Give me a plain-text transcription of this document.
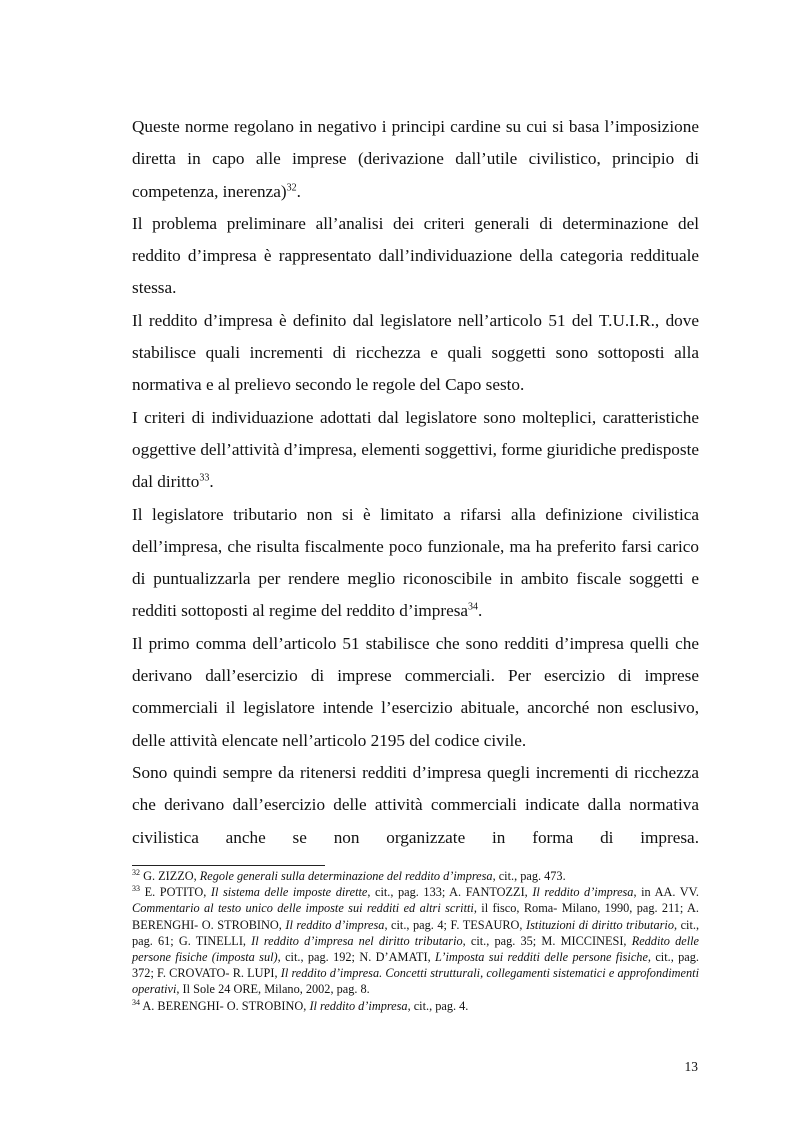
Queste norme regolano in negativo i principi cardine su cui si basa l’imposizione diretta in capo alle imprese (derivazione dall’utile civilistico, principio di competenza, inerenza)$^{32}$.

Il problema preliminare all’analisi dei criteri generali di determinazione del reddito d’impresa è rappresentato dall’individuazione della categoria reddituale stessa.

Il reddito d’impresa è definito dal legislatore nell’articolo 51 del T.U.I.R., dove stabilisce quali incrementi di ricchezza e quali soggetti sono sottoposti alla normativa e al prelievo secondo le regole del Capo sesto.

I criteri di individuazione adottati dal legislatore sono molteplici, caratteristiche oggettive dell’attività d’impresa, elementi soggettivi, forme giuridiche predisposte dal diritto$^{33}$.

Il legislatore tributario non si è limitato a rifarsi alla definizione civilistica dell’impresa, che risulta fiscalmente poco funzionale, ma ha preferito farsi carico di puntualizzarla per rendere meglio riconoscibile in ambito fiscale soggetti e redditi sottoposti al regime del reddito d’impresa$^{34}$.

Il primo comma dell’articolo 51 stabilisce che sono redditi d’impresa quelli che derivano dall’esercizio di imprese commerciali. Per esercizio di imprese commerciali il legislatore intende l’esercizio abituale, ancorché non esclusivo, delle attività elencate nell’articolo 2195 del codice civile.

Sono quindi sempre da ritenersi redditi d’impresa quegli incrementi di ricchezza che derivano dall’esercizio delle attività commerciali indicate dalla normativa civilistica anche se non organizzate in forma di impresa.

$^{32}$ G. ZIZZO, Regole generali sulla determinazione del reddito d’impresa, cit., pag. 473.

$^{33}$ E. POTITO, Il sistema delle imposte dirette, cit., pag. 133; A. FANTOZZI, Il reddito d’impresa, in AA. VV. Commentario al testo unico delle imposte sui redditi ed altri scritti, il fisco, Roma- Milano, 1990, pag. 211; A. BERENGHI- O. STROBINO, Il reddito d’impresa, cit., pag. 4; F. TESAURO, Istituzioni di diritto tributario, cit., pag. 61; G. TINELLI, Il reddito d’impresa nel diritto tributario, cit., pag. 35; M. MICCINESI, Reddito delle persone fisiche (imposta sul), cit., pag. 192; N. D’AMATI, L’imposta sui redditi delle persone fisiche, cit., pag. 372; F. CROVATO- R. LUPI, Il reddito d’impresa. Concetti strutturali, collegamenti sistematici e approfondimenti operativi, Il Sole 24 ORE, Milano, 2002, pag. 8.

$^{34}$ A. BERENGHI- O. STROBINO, Il reddito d’impresa, cit., pag. 4.

13
